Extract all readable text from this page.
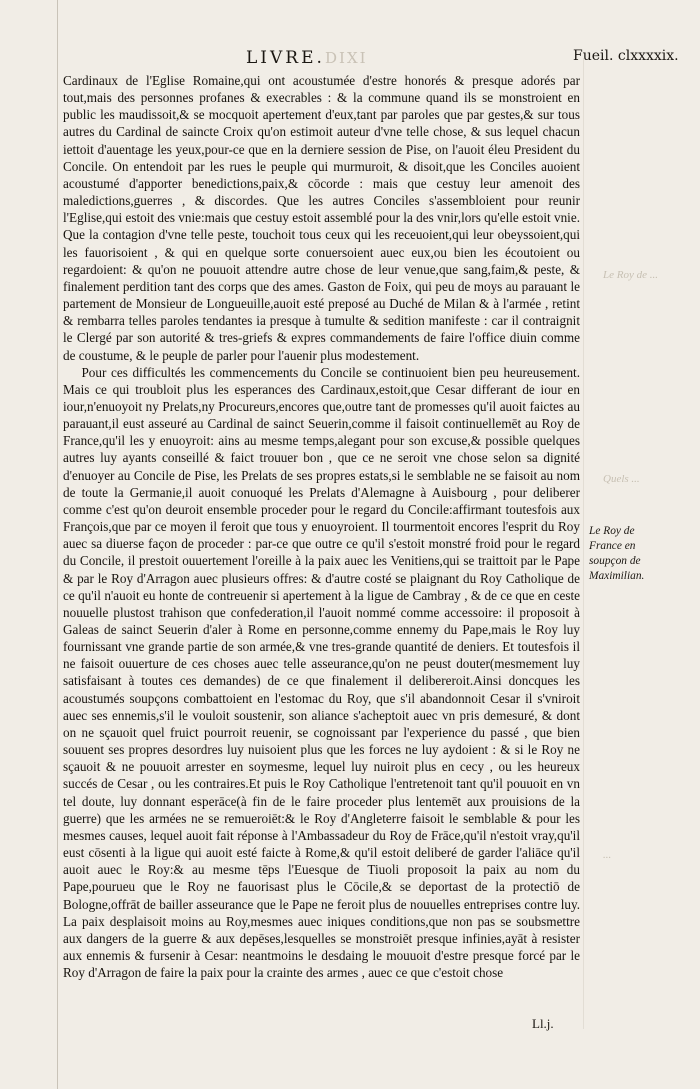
LIVRE. DIXI	Fueil. clxxxxix.

Cardinaux de l'Eglise Romaine,qui ont acoustumée d'estre honorés & presque adorés par tout,mais des personnes profanes & execrables : & la commune quand ils se monstroient en public les maudissoit,& se mocquoit apertement d'eux,tant par paroles que par gestes,& sur tous autres du Cardinal de saincte Croix qu'on estimoit auteur d'vne telle chose, & sus lequel chacun iettoit d'auentage les yeux,pour-ce que en la derniere session de Pise, on l'auoit éleu President du Concile. On entendoit par les rues le peuple qui murmuroit, & disoit,que les Conciles auoient acoustumé d'apporter benedictions,paix,& cōcorde : mais que cestuy leur amenoit des maledictions,guerres , & discordes. Que les autres Conciles s'assembloient pour reunir l'Eglise,qui estoit des vnie:mais que cestuy estoit assemblé pour la des vnir,lors qu'elle estoit vnie. Que la contagion d'vne telle peste, touchoit tous ceux qui les receuoient,qui leur obeyssoient,qui les fauorisoient , & qui en quelque sorte conuersoient auec eux,ou bien les écoutoient ou regardoient: & qu'on ne pouuoit attendre autre chose de leur venue,que sang,faim,& peste, & finalement perdition tant des corps que des ames. Gaston de Foix, qui peu de moys au parauant le partement de Monsieur de Longueuille,auoit esté preposé au Duché de Milan & à l'armée , retint & rembarra telles paroles tendantes ia presque à tumulte & sedition manifeste : car il contraignit le Clergé par son autorité & tres-griefs & expres commandements de faire l'office diuin comme de coustume, & le peuple de parler pour l'auenir plus modestement.

Pour ces difficultés les commencements du Concile se continuoient bien peu heureusement. Mais ce qui troubloit plus les esperances des Cardinaux,estoit,que Cesar differant de iour en iour,n'enuoyoit ny Prelats,ny Procureurs,encores que,outre tant de promesses qu'il auoit faictes au parauant,il eust asseuré au Cardinal de sainct Seuerin,comme il faisoit continuellemēt au Roy de France,qu'il les y enuoyroit: ains au mesme temps,alegant pour son excuse,& possible quelques autres luy ayants conseillé & faict trouuer bon , que ce ne seroit vne chose selon sa dignité d'enuoyer au Concile de Pise, les Prelats de ses propres estats,si le semblable ne se faisoit au nom de toute la Germanie,il auoit conuoqué les Prelats d'Alemagne à Auisbourg , pour deliberer comme c'est qu'on deuroit ensemble proceder pour le regard du Concile:affirmant toutesfois aux François,que par ce moyen il feroit que tous y enuoyroient. Il tourmentoit encores l'esprit du Roy auec sa diuerse façon de proceder : par-ce que outre ce qu'il s'estoit monstré froid pour le regard du Concile, il prestoit ouuertement l'oreille à la paix auec les Venitiens,qui se traittoit par le Pape & par le Roy d'Arragon auec plusieurs offres: & d'autre costé se plaignant du Roy Catholique de ce qu'il n'auoit eu honte de contreuenir si apertement à la ligue de Cambray , & de ce que en ceste nouuelle plustost trahison que confederation,il l'auoit nommé comme accessoire: il proposoit à Galeas de sainct Seuerin d'aler à Rome en personne,comme ennemy du Pape,mais le Roy luy fournissant vne grande partie de son armée,& vne tres-grande quantité de deniers. Et toutesfois il ne faisoit ouuerture de ces choses auec telle asseurance,qu'on ne peust douter(mesmement luy satisfaisant à toutes ces demandes) de ce que finalement il delibereroit.Ainsi doncques les acoustumés soupçons combattoient en l'estomac du Roy, que s'il abandonnoit Cesar il s'vniroit auec ses ennemis,s'il le vouloit soustenir, son aliance s'acheptoit auec vn pris demesuré, & dont on ne sçauoit quel fruict pourroit reuenir, se cognoissant par l'experience du passé , que bien souuent ses propres desordres luy nuisoient plus que les forces ne luy aydoient : & si le Roy ne sçauoit & ne pouuoit arrester en soymesme, lequel luy nuiroit plus en cecy , ou les heureux succés de Cesar , ou les contraires.Et puis le Roy Catholique l'entretenoit tant qu'il pouuoit en vn tel doute, luy donnant esperāce(à fin de le faire proceder plus lentemēt aux prouisions de la guerre) que les armées ne se remueroiēt:& le Roy d'Angleterre faisoit le semblable & pour les mesmes causes, lequel auoit fait réponse à l'Ambassadeur du Roy de Frāce,qu'il n'estoit vray,qu'il eust cōsenti à la ligue qui auoit esté faicte à Rome,& qu'il estoit deliberé de garder l'aliāce qu'il auoit auec le Roy:& au mesme tēps l'Euesque de Tiuoli proposoit la paix au nom du Pape,pourueu que le Roy ne fauorisast plus le Cōcile,& se deportast de la protectiō de Bologne,offrāt de bailler asseurance que le Pape ne feroit plus de nouuelles entreprises contre luy. La paix desplaisoit moins au Roy,mesmes auec iniques conditions,que non pas se soubsmettre aux dangers de la guerre & aux depēses,lesquelles se monstroiēt presque infinies,ayāt à resister aux ennemis & fursenir à Cesar: neantmoins le desdaing le mouuoit d'estre presque forcé par le Roy d'Arragon de faire la paix pour la crainte des armes , auec ce que c'estoit chose

Le Roy de France en soupçon de Maximilian.
Le Roy de ...
Quels ...
...
Ll.j.
